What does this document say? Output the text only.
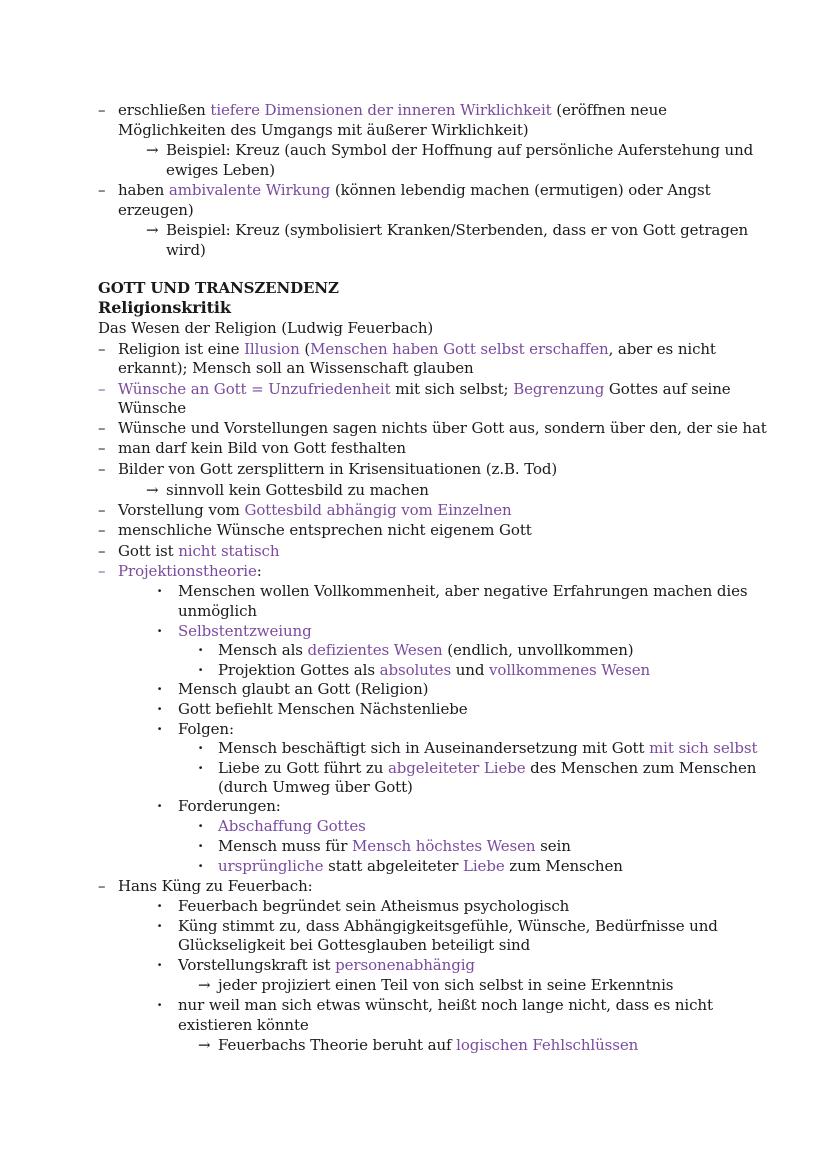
– erschließen tiefere Dimensionen der inneren Wirklichkeit (eröffnen neue
Möglichkeiten des Umgangs mit äußerer Wirklichkeit)
→ Beispiel: Kreuz (auch Symbol der Hoffnung auf persönliche Auferstehung und
ewiges Leben)
– haben ambivalente Wirkung (können lebendig machen (ermutigen) oder Angst
erzeugen)
→ Beispiel: Kreuz (symbolisiert Kranken/Sterbenden, dass er von Gott getragen
wird)
GOTT UND TRANSZENDENZ
Religionskritik
Das Wesen der Religion (Ludwig Feuerbach)
– Religion ist eine Illusion (Menschen haben Gott selbst erschaffen, aber es nicht
erkannt); Mensch soll an Wissenschaft glauben
– Wünsche an Gott = Unzufriedenheit mit sich selbst; Begrenzung Gottes auf seine
Wünsche
– Wünsche und Vorstellungen sagen nichts über Gott aus, sondern über den, der sie hat
– man darf kein Bild von Gott festhalten
– Bilder von Gott zersplittern in Krisensituationen (z.B. Tod)
→ sinnvoll kein Gottesbild zu machen
– Vorstellung vom Gottesbild abhängig vom Einzelnen
– menschliche Wünsche entsprechen nicht eigenem Gott
– Gott ist nicht statisch
– Projektionstheorie:
· Menschen wollen Vollkommenheit, aber negative Erfahrungen machen dies
unmöglich
· Selbstentzweiung
· Mensch als defizientes Wesen (endlich, unvollkommen)
· Projektion Gottes als absolutes und vollkommenes Wesen
· Mensch glaubt an Gott (Religion)
· Gott befiehlt Menschen Nächstenliebe
· Folgen:
· Mensch beschäftigt sich in Auseinandersetzung mit Gott mit sich selbst
· Liebe zu Gott führt zu abgeleiteter Liebe des Menschen zum Menschen
(durch Umweg über Gott)
· Forderungen:
· Abschaffung Gottes
· Mensch muss für Mensch höchstes Wesen sein
· ursprüngliche statt abgeleiteter Liebe zum Menschen
– Hans Küng zu Feuerbach:
· Feuerbach begründet sein Atheismus psychologisch
· Küng stimmt zu, dass Abhängigkeitsgefühle, Wünsche, Bedürfnisse und
Glückseligkeit bei Gottesglauben beteiligt sind
· Vorstellungskraft ist personenabhängig
→ jeder projiziert einen Teil von sich selbst in seine Erkenntnis
· nur weil man sich etwas wünscht, heißt noch lange nicht, dass es nicht
existieren könnte
→ Feuerbachs Theorie beruht auf logischen Fehlschlüssen
